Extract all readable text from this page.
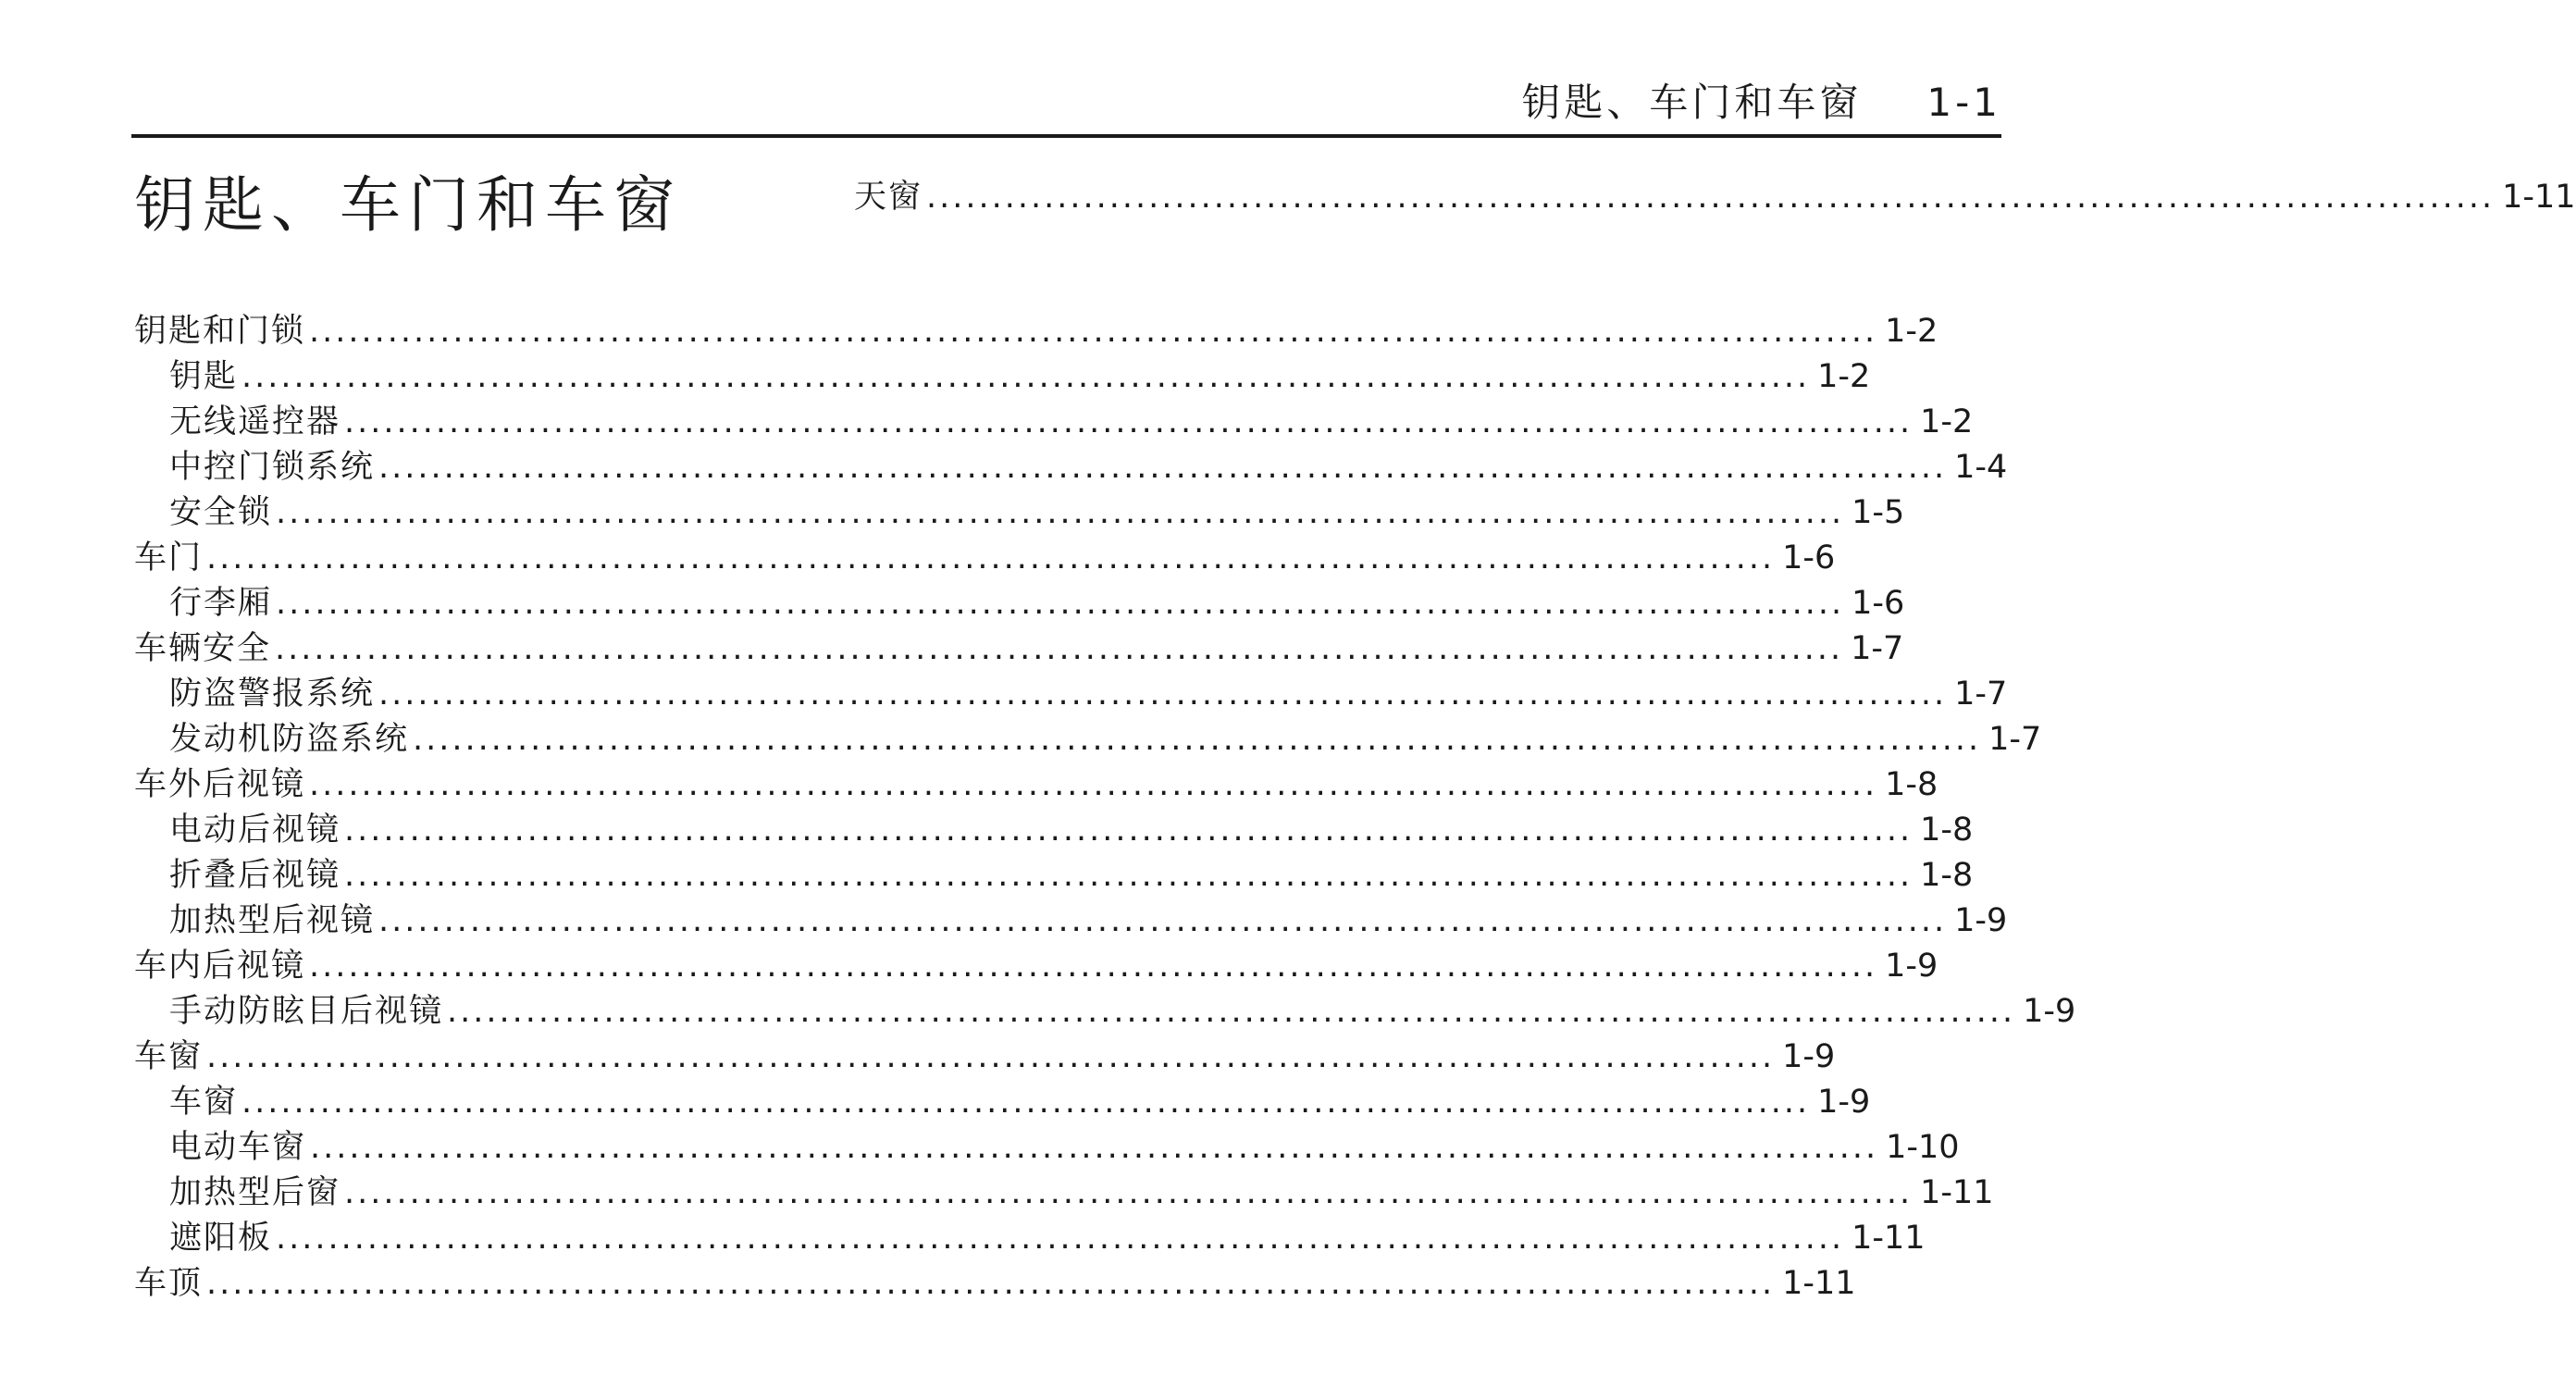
钥匙、车门和车窗 1-1
钥匙、车门和车窗
钥匙和门锁 ........................................................................................................................ 1-2
钥匙 ........................................................................................................................ 1-2
无线遥控器 ........................................................................................................................ 1-2
中控门锁系统 ........................................................................................................................ 1-4
安全锁 ........................................................................................................................ 1-5
车门 ........................................................................................................................ 1-6
行李厢 ........................................................................................................................ 1-6
车辆安全 ........................................................................................................................ 1-7
防盗警报系统 ........................................................................................................................ 1-7
发动机防盗系统 ........................................................................................................................ 1-7
车外后视镜 ........................................................................................................................ 1-8
电动后视镜 ........................................................................................................................ 1-8
折叠后视镜 ........................................................................................................................ 1-8
加热型后视镜 ........................................................................................................................ 1-9
车内后视镜 ........................................................................................................................ 1-9
手动防眩目后视镜 ........................................................................................................................ 1-9
车窗 ........................................................................................................................ 1-9
车窗 ........................................................................................................................ 1-9
电动车窗 ........................................................................................................................ 1-10
加热型后窗 ........................................................................................................................ 1-11
遮阳板 ........................................................................................................................ 1-11
车顶 ........................................................................................................................ 1-11
天窗 ........................................................................................................................ 1-11
